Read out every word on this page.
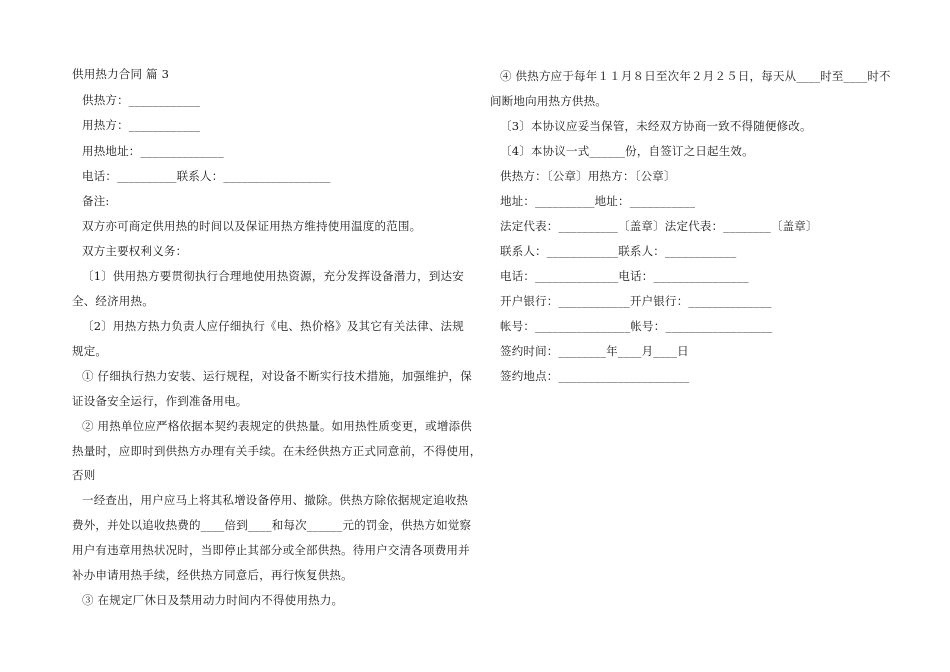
供用热力合同 篇 3
供热方：____________
用热方：____________
用热地址：______________
电话：__________联系人：__________________
备注:
双方亦可商定供用热的时间以及保证用热方维持使用温度的范围。
双方主要权利义务：
〔1〕供用热方要贯彻执行合理地使用热资源，充分发挥设备潜力，到达安
全、经济用热。
〔2〕用热方热力负责人应仔细执行《电、热价格》及其它有关法律、法规
规定。
① 仔细执行热力安装、运行规程，对设备不断实行技术措施，加强维护，保
证设备安全运行，作到准备用电。
② 用热单位应严格依据本契约表规定的供热量。如用热性质变更，或增添供
热量时，应即时到供热方办理有关手续。在未经供热方正式同意前，不得使用，
否则
一经查出，用户应马上将其私增设备停用、撤除。供热方除依据规定追收热
费外，并处以追收热费的____倍到____和每次______元的罚金，供热方如觉察
用户有违章用热状况时，当即停止其部分或全部供热。待用户交清各项费用并
补办申请用热手续，经供热方同意后，再行恢复供热。
③ 在规定厂休日及禁用动力时间内不得使用热力。
④ 供热方应于每年１１月８日至次年２月２５日，每天从____时至____时不
间断地向用热方供热。
〔3〕本协议应妥当保管，未经双方协商一致不得随便修改。
〔4〕本协议一式______份，自签订之日起生效。
供热方：〔公章〕用热方：〔公章〕
地址：__________地址：___________
法定代表：__________〔盖章〕法定代表：________〔盖章〕
联系人：____________联系人：____________
电话：______________电话：________________
开户银行：____________开户银行：______________
帐号：________________帐号：__________________
签约时间：________年____月____日
签约地点：______________________
